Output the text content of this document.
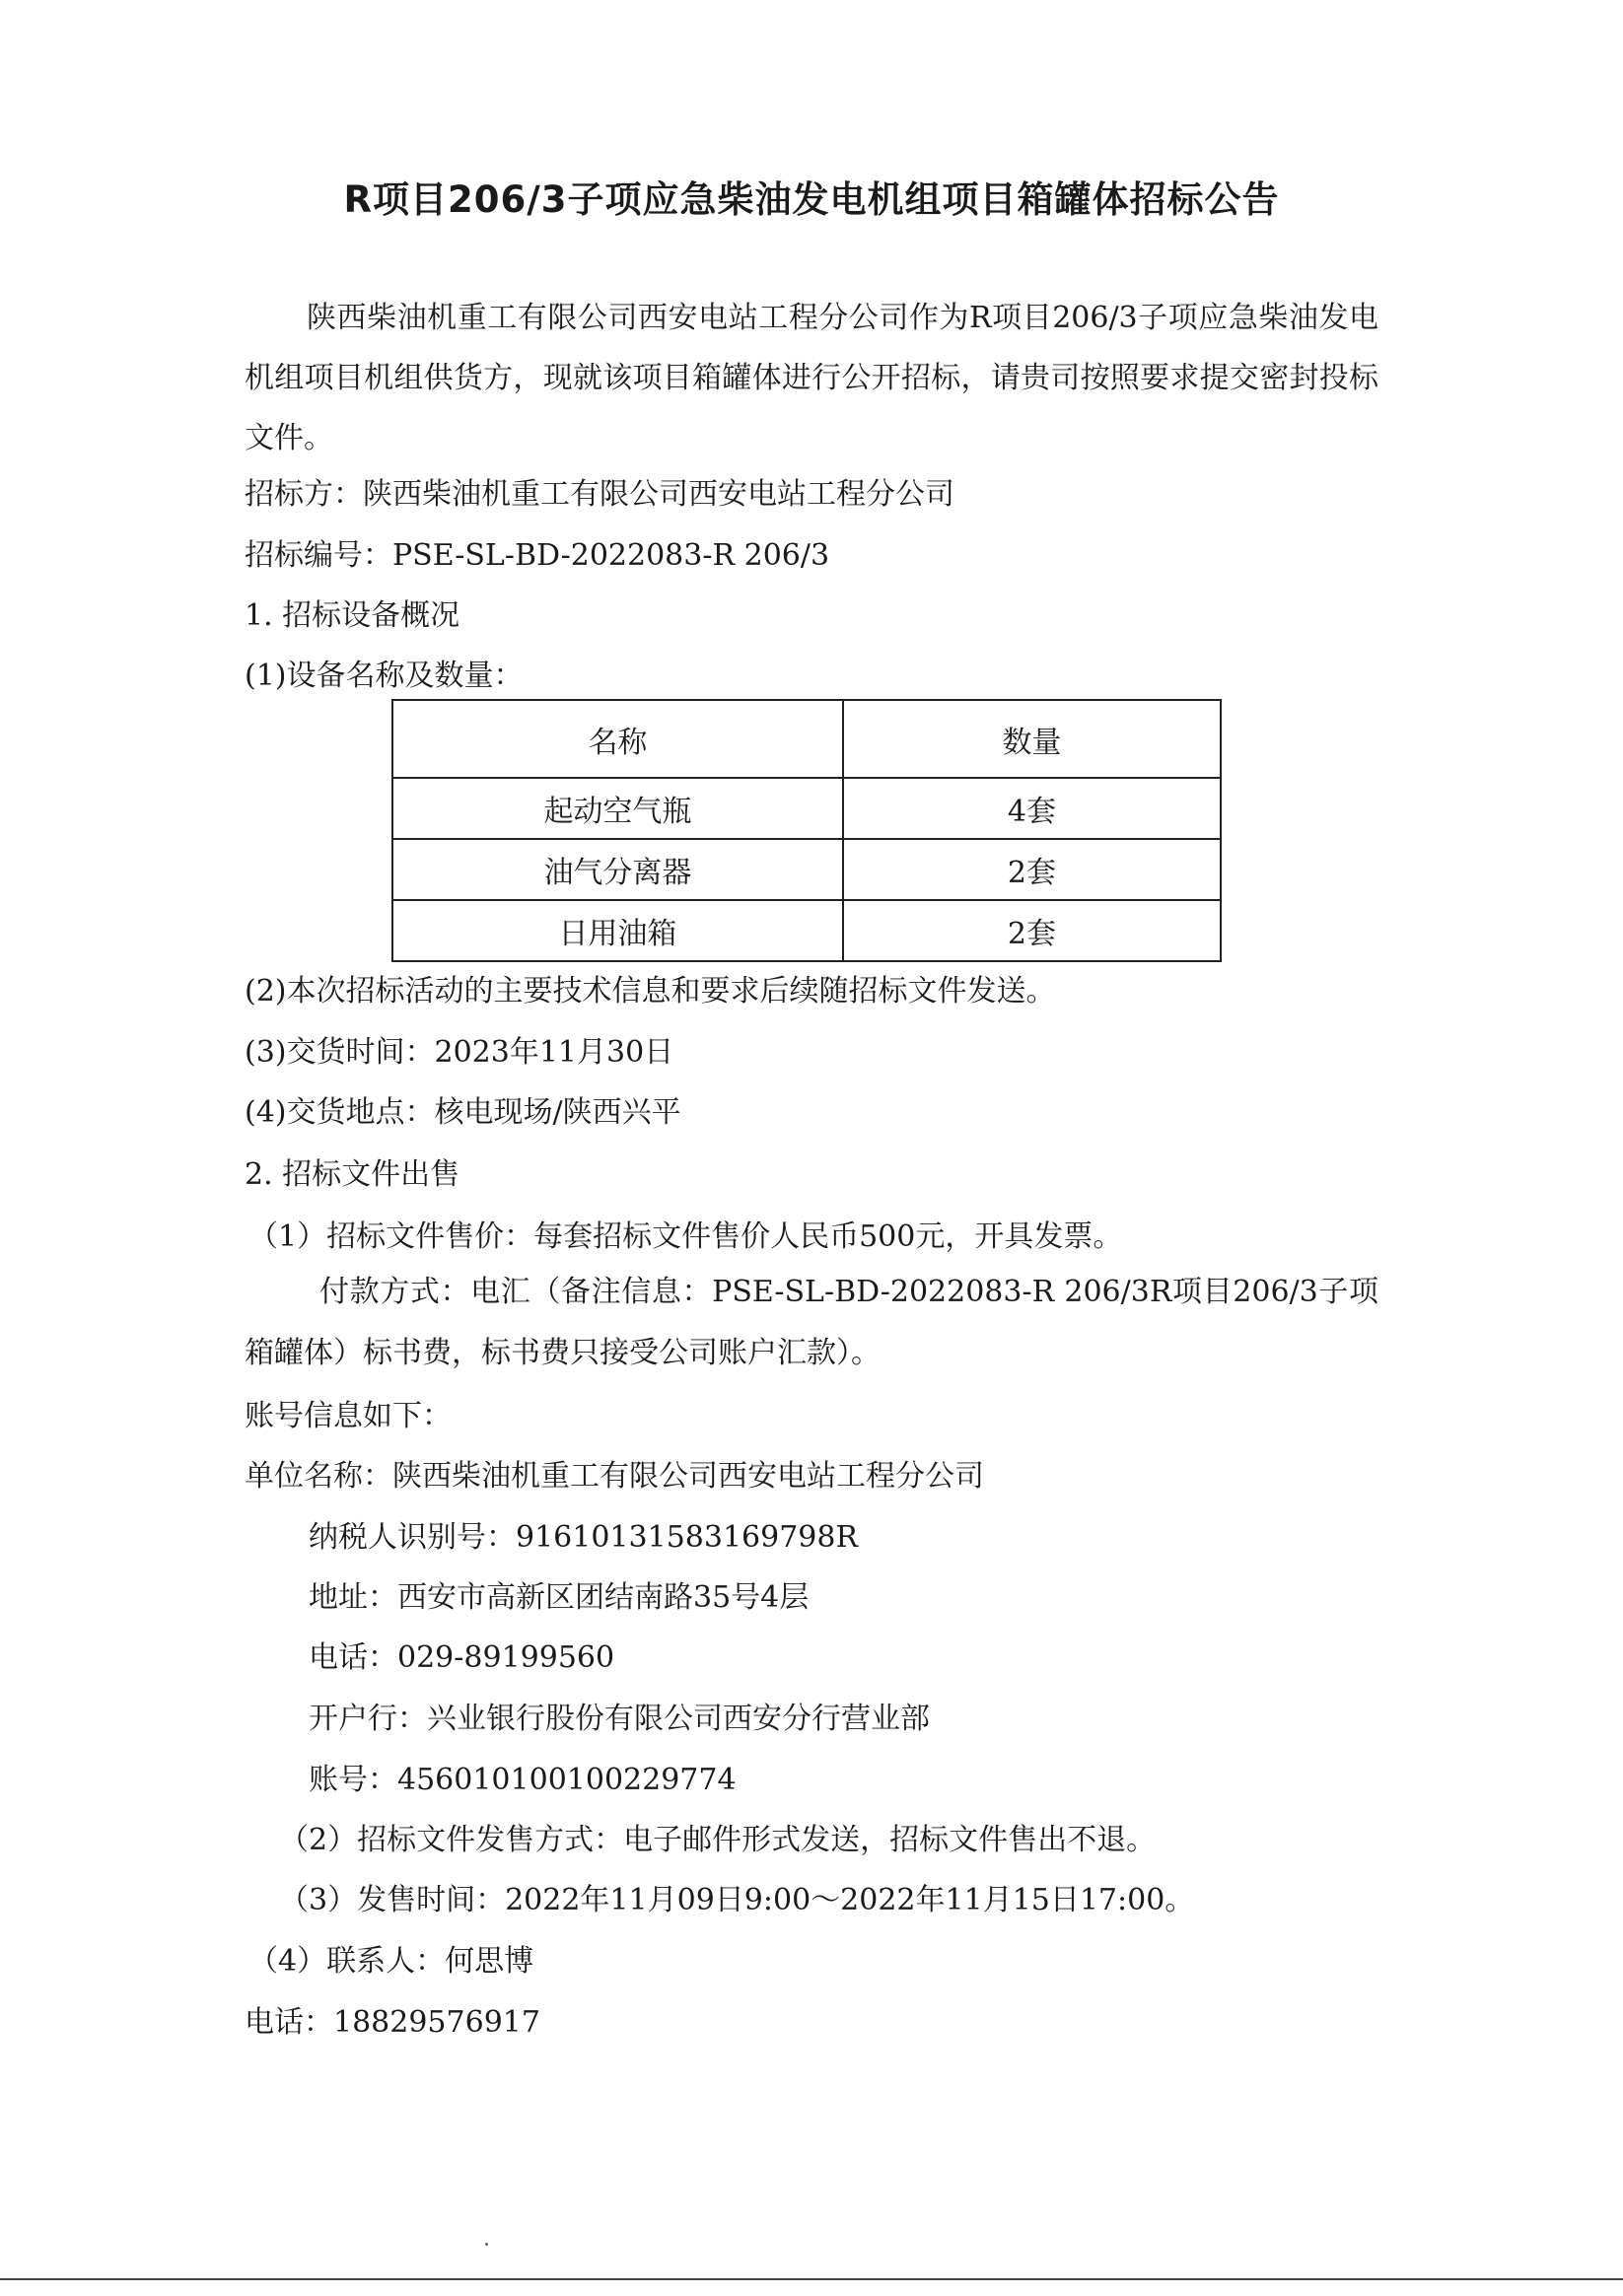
R项目206/3子项应急柴油发电机组项目箱罐体招标公告
陕西柴油机重工有限公司西安电站工程分公司作为R项目206/3子项应急柴油发电机组项目机组供货方，现就该项目箱罐体进行公开招标，请贵司按照要求提交密封投标文件。
招标方：陕西柴油机重工有限公司西安电站工程分公司
招标编号：PSE-SL-BD-2022083-R 206/3
1. 招标设备概况
(1)设备名称及数量：
名称	数量
起动空气瓶	4套
油气分离器	2套
日用油箱	2套
(2)本次招标活动的主要技术信息和要求后续随招标文件发送。
(3)交货时间：2023年11月30日
(4)交货地点：核电现场/陕西兴平
2. 招标文件出售
（1）招标文件售价：每套招标文件售价人民币500元，开具发票。
付款方式：电汇（备注信息：PSE-SL-BD-2022083-R 206/3R项目206/3子项箱罐体）标书费，标书费只接受公司账户汇款）。
账号信息如下：
单位名称：陕西柴油机重工有限公司西安电站工程分公司
纳税人识别号：91610131583169798R
地址：西安市高新区团结南路35号4层
电话：029-89199560
开户行：兴业银行股份有限公司西安分行营业部
账号：456010100100229774
（2）招标文件发售方式：电子邮件形式发送，招标文件售出不退。
（3）发售时间：2022年11月09日9:00～2022年11月15日17:00。
（4）联系人：何思博
电话：18829576917
